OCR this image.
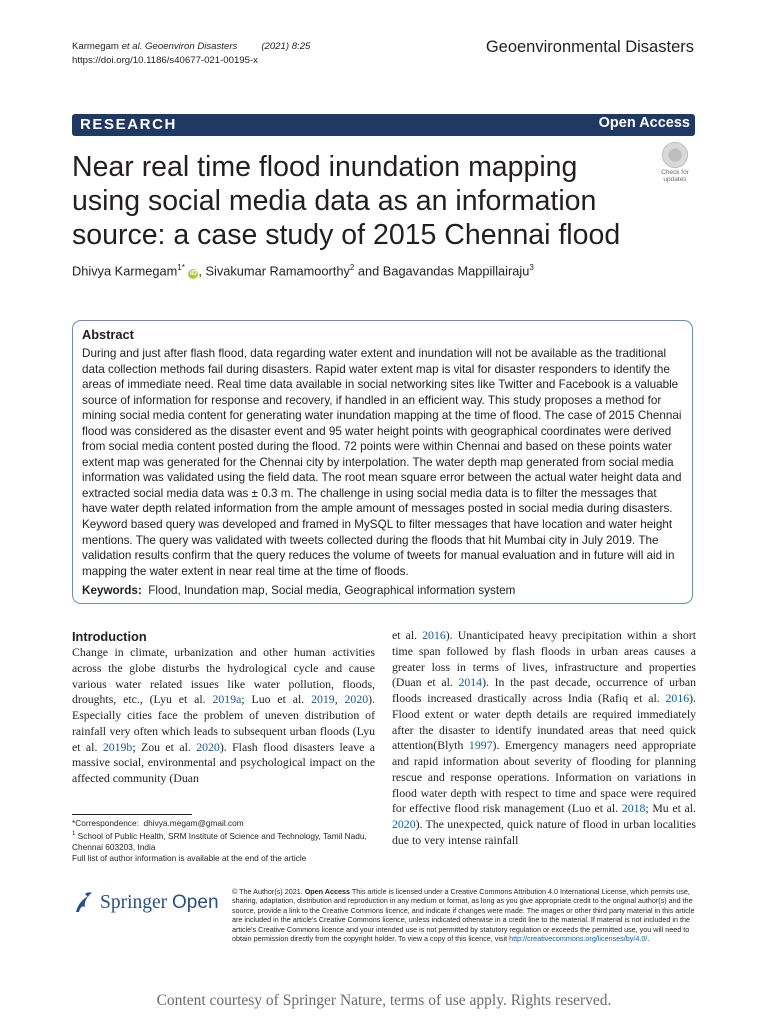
Karmegam et al. Geoenviron Disasters	(2021) 8:25
https://doi.org/10.1186/s40677-021-00195-x
Geoenvironmental Disasters
RESEARCH	Open Access
Near real time flood inundation mapping using social media data as an information source: a case study of 2015 Chennai flood
Check for
updates
Dhivya Karmegam$^{1*}$ iD , Sivakumar Ramamoorthy$^2$ and Bagavandas Mappillairaju$^3$
Abstract

During and just after flash flood, data regarding water extent and inundation will not be available as the traditional data collection methods fail during disasters. Rapid water extent map is vital for disaster responders to identify the areas of immediate need. Real time data available in social networking sites like Twitter and Facebook is a valuable source of information for response and recovery, if handled in an efficient way. This study proposes a method for mining social media content for generating water inundation mapping at the time of flood. The case of 2015 Chennai flood was considered as the disaster event and 95 water height points with geographical coordinates were derived from social media content posted during the flood. 72 points were within Chennai and based on these points water extent map was generated for the Chennai city by interpolation. The water depth map generated from social media information was validated using the field data. The root mean square error between the actual water height data and extracted social media data was ± 0.3 m. The challenge in using social media data is to filter the messages that have water depth related information from the ample amount of messages posted in social media during disasters. Keyword based query was developed and framed in MySQL to filter messages that have location and water height mentions. The query was validated with tweets collected during the floods that hit Mumbai city in July 2019. The validation results confirm that the query reduces the volume of tweets for manual evaluation and in future will aid in mapping the water extent in near real time at the time of floods.

Keywords: Flood, Inundation map, Social media, Geographical information system
Introduction

Change in climate, urbanization and other human activities across the globe disturbs the hydrological cycle and cause various water related issues like water pollution, floods, droughts, etc., (Lyu et al. 2019a; Luo et al. 2019, 2020). Especially cities face the problem of uneven distribution of rainfall very often which leads to subsequent urban floods (Lyu et al. 2019b; Zou et al. 2020). Flash flood disasters leave a massive social, environmental and psychological impact on the affected community (Duan

et al. 2016). Unanticipated heavy precipitation within a short time span followed by flash floods in urban areas causes a greater loss in terms of lives, infrastructure and properties (Duan et al. 2014). In the past decade, occurrence of urban floods increased drastically across India (Rafiq et al. 2016). Flood extent or water depth details are required immediately after the disaster to identify inundated areas that need quick attention(Blyth 1997). Emergency managers need appropriate and rapid information about severity of flooding for planning rescue and response operations. Information on variations in flood water depth with respect to time and space were required for effective flood risk management (Luo et al. 2018; Mu et al. 2020). The unexpected, quick nature of flood in urban localities due to very intense rainfall

*Correspondence: dhivya.megam@gmail.com
$^1$ School of Public Health, SRM Institute of Science and Technology, Tamil Nadu, Chennai 603203, India
Full list of author information is available at the end of the article
Springer Open
© The Author(s) 2021. Open Access This article is licensed under a Creative Commons Attribution 4.0 International License, which permits use, sharing, adaptation, distribution and reproduction in any medium or format, as long as you give appropriate credit to the original author(s) and the source, provide a link to the Creative Commons licence, and indicate if changes were made. The images or other third party material in this article are included in the article's Creative Commons licence, unless indicated otherwise in a credit line to the material. If material is not included in the article's Creative Commons licence and your intended use is not permitted by statutory regulation or exceeds the permitted use, you will need to obtain permission directly from the copyright holder. To view a copy of this licence, visit http://creativecommons.org/licenses/by/4.0/.
Content courtesy of Springer Nature, terms of use apply. Rights reserved.
